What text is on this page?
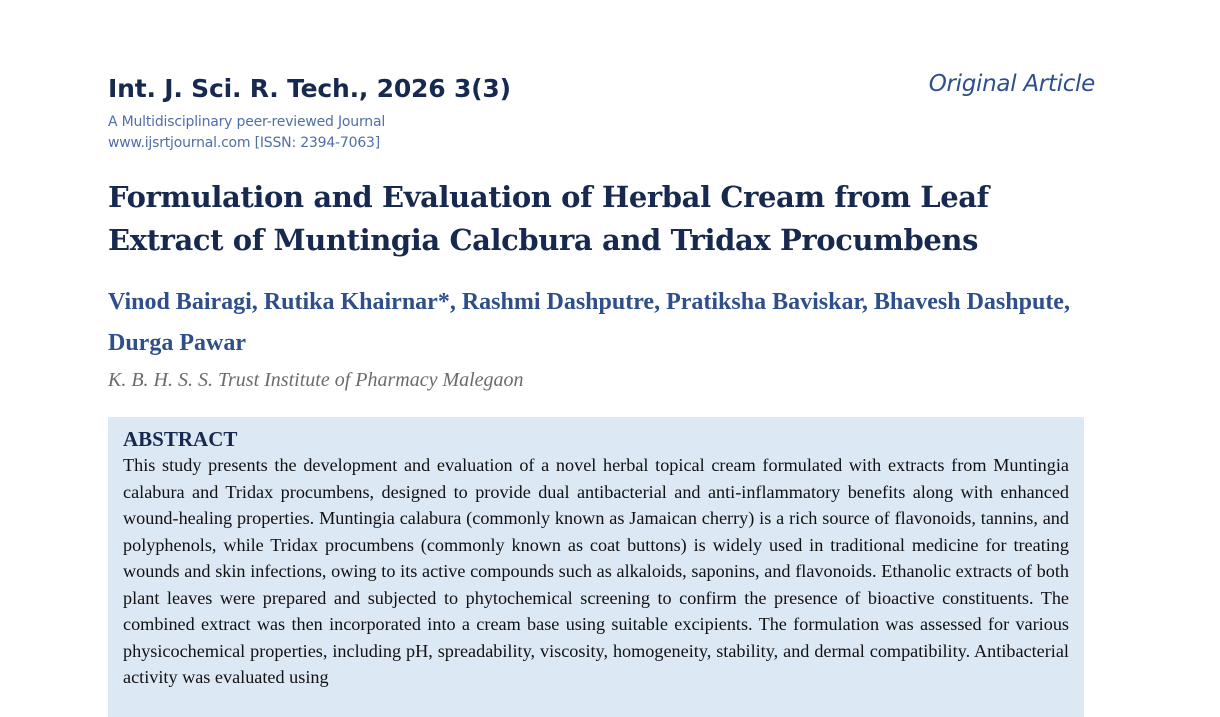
Int. J. Sci. R. Tech., 2026 3(3)	Original Article
A Multidisciplinary peer-reviewed Journal
www.ijsrtjournal.com [ISSN: 2394-7063]
Formulation and Evaluation of Herbal Cream from Leaf Extract of Muntingia Calcbura and Tridax Procumbens

Vinod Bairagi, Rutika Khairnar*, Rashmi Dashputre, Pratiksha Baviskar, Bhavesh Dashpute, Durga Pawar

K. B. H. S. S. Trust Institute of Pharmacy Malegaon
ABSTRACT

This study presents the development and evaluation of a novel herbal topical cream formulated with extracts from Muntingia calabura and Tridax procumbens, designed to provide dual antibacterial and anti-inflammatory benefits along with enhanced wound-healing properties. Muntingia calabura (commonly known as Jamaican cherry) is a rich source of flavonoids, tannins, and polyphenols, while Tridax procumbens (commonly known as coat buttons) is widely used in traditional medicine for treating wounds and skin infections, owing to its active compounds such as alkaloids, saponins, and flavonoids. Ethanolic extracts of both plant leaves were prepared and subjected to phytochemical screening to confirm the presence of bioactive constituents. The combined extract was then incorporated into a cream base using suitable excipients. The formulation was assessed for various physicochemical properties, including pH, spreadability, viscosity, homogeneity, stability, and dermal compatibility. Antibacterial activity was evaluated using
